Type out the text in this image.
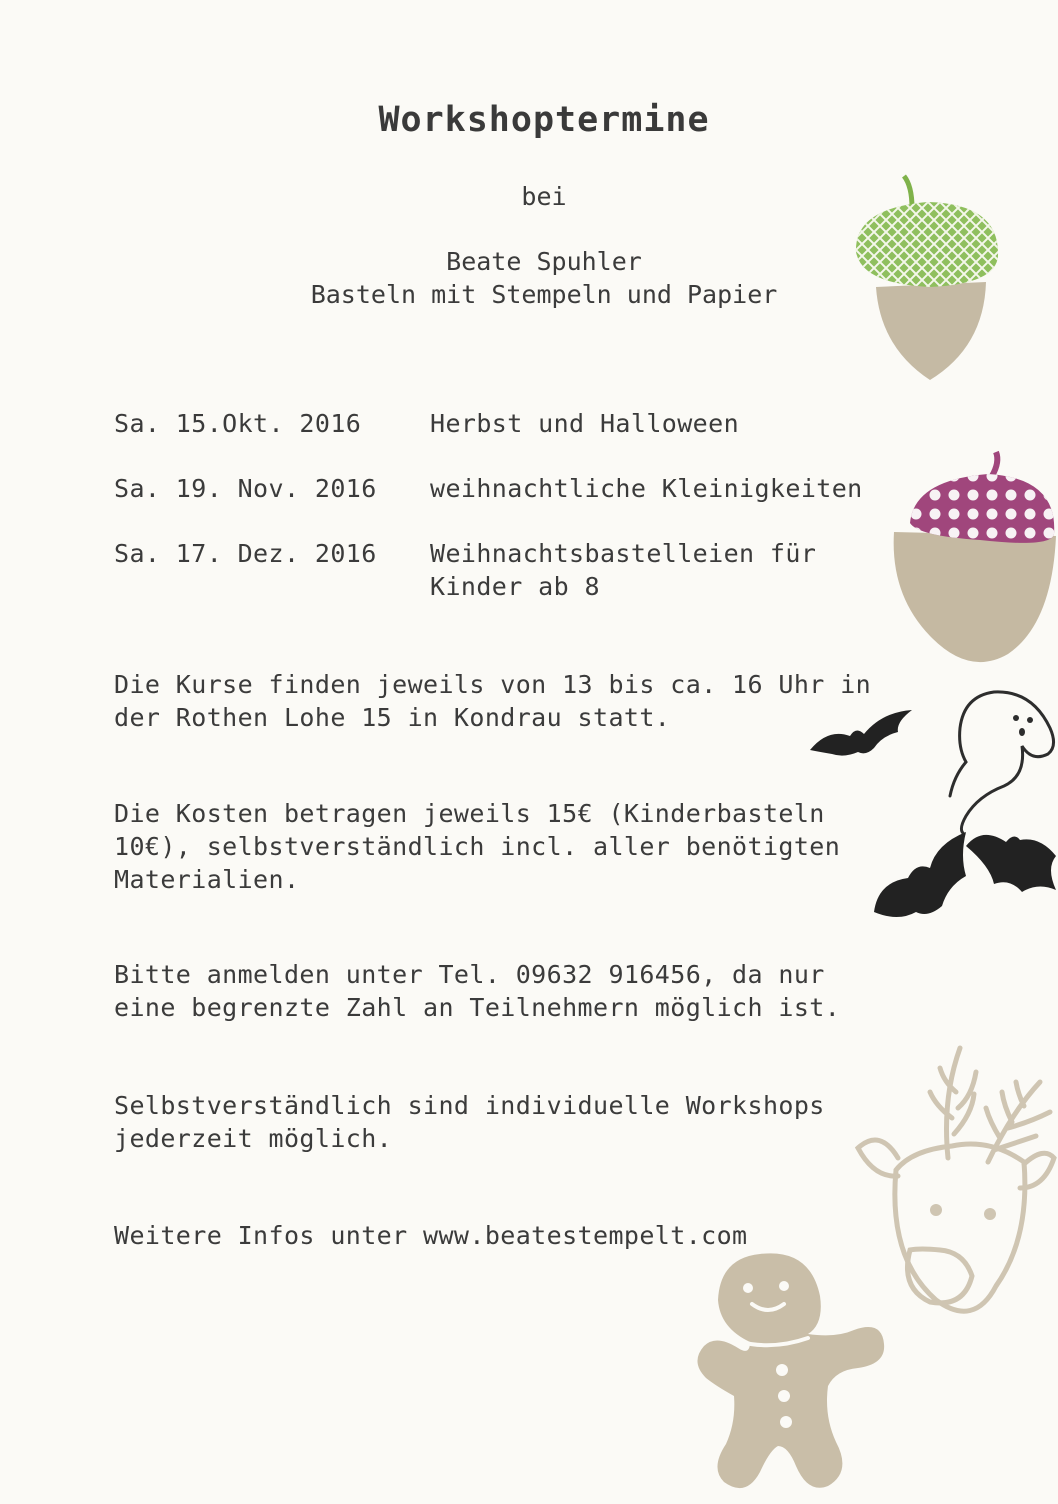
Workshoptermine
bei
Beate Spuhler
Basteln mit Stempeln und Papier
Sa. 15.Okt. 2016	Herbst und Halloween
Sa. 19. Nov. 2016 weihnachtliche Kleinigkeiten
Sa. 17. Dez. 2016 Weihnachtsbastelleien für
Kinder ab 8
Die Kurse finden jeweils von 13 bis ca. 16 Uhr in
der Rothen Lohe 15 in Kondrau statt.
Die Kosten betragen jeweils 15€ (Kinderbasteln
10€), selbstverständlich incl. aller benötigten
Materialien.
Bitte anmelden unter Tel. 09632 916456, da nur
eine begrenzte Zahl an Teilnehmern möglich ist.
Selbstverständlich sind individuelle Workshops
jederzeit möglich.
Weitere Infos unter www.beatestempelt.com
